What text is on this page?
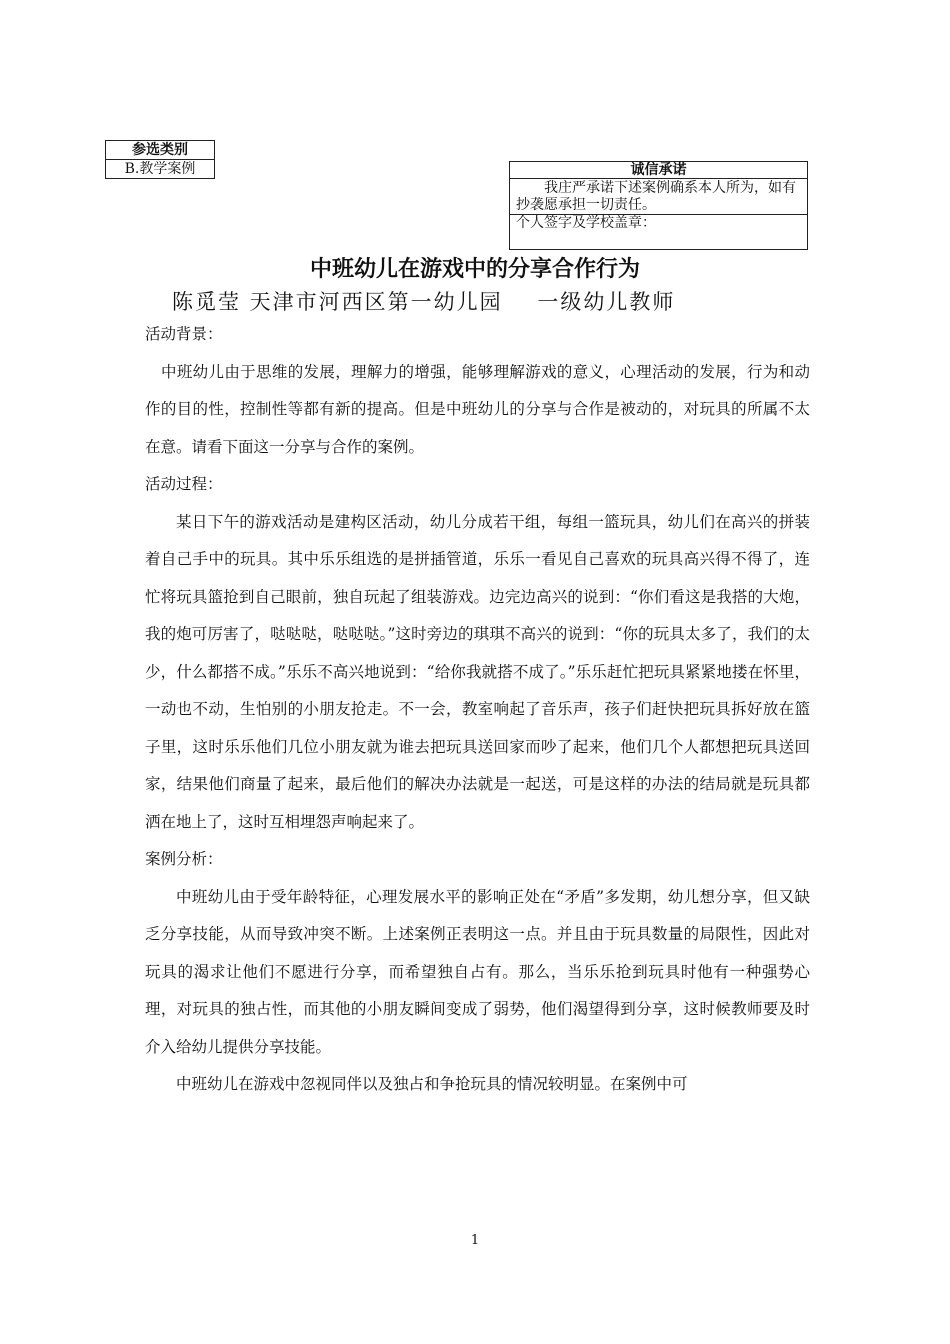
参选类别
B.教学案例	诚信承诺
我庄严承诺下述案例确系本人所为，如有抄袭愿承担一切责任。
个人签字及学校盖章：
中班幼儿在游戏中的分享合作行为
陈觅莹 天津市河西区第一幼儿园    一级幼儿教师

活动背景：

中班幼儿由于思维的发展，理解力的增强，能够理解游戏的意义，心理活动的发展，行为和动作的目的性，控制性等都有新的提高。但是中班幼儿的分享与合作是被动的，对玩具的所属不太在意。请看下面这一分享与合作的案例。

活动过程：

某日下午的游戏活动是建构区活动，幼儿分成若干组，每组一篮玩具，幼儿们在高兴的拼装着自己手中的玩具。其中乐乐组选的是拼插管道，乐乐一看见自己喜欢的玩具高兴得不得了，连忙将玩具篮抢到自己眼前，独自玩起了组装游戏。边完边高兴的说到：“你们看这是我搭的大炮，我的炮可厉害了，哒哒哒，哒哒哒。”这时旁边的琪琪不高兴的说到：“你的玩具太多了，我们的太少，什么都搭不成。”乐乐不高兴地说到：“给你我就搭不成了。”乐乐赶忙把玩具紧紧地搂在怀里，一动也不动，生怕别的小朋友抢走。不一会，教室响起了音乐声，孩子们赶快把玩具拆好放在篮子里，这时乐乐他们几位小朋友就为谁去把玩具送回家而吵了起来，他们几个人都想把玩具送回家，结果他们商量了起来，最后他们的解决办法就是一起送，可是这样的办法的结局就是玩具都洒在地上了，这时互相埋怨声响起来了。

案例分析：

中班幼儿由于受年龄特征，心理发展水平的影响正处在“矛盾”多发期，幼儿想分享，但又缺乏分享技能，从而导致冲突不断。上述案例正表明这一点。并且由于玩具数量的局限性，因此对玩具的渴求让他们不愿进行分享，而希望独自占有。那么，当乐乐抢到玩具时他有一种强势心理，对玩具的独占性，而其他的小朋友瞬间变成了弱势，他们渴望得到分享，这时候教师要及时介入给幼儿提供分享技能。

中班幼儿在游戏中忽视同伴以及独占和争抢玩具的情况较明显。在案例中可

1
